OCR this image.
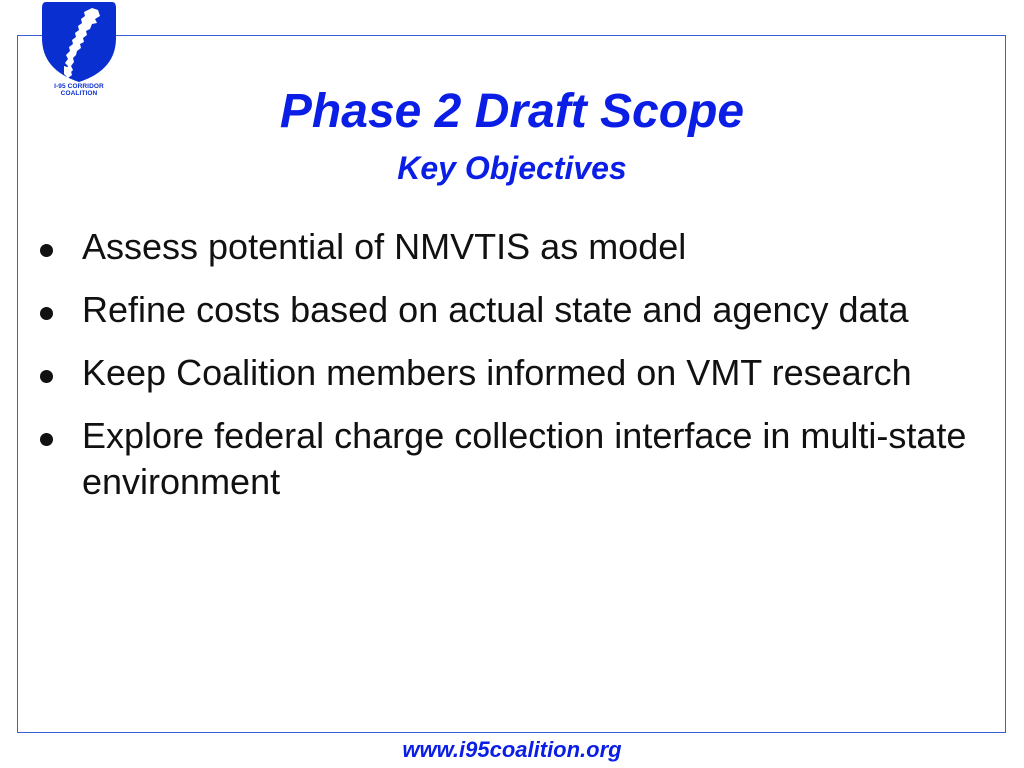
I-95 CORRIDOR
COALITION	Phase 2 Draft Scope
Key Objectives
Assess potential of NMVTIS as model
Refine costs based on actual state and agency data
Keep Coalition members informed on VMT research
Explore federal charge collection interface in multi-state environment
www.i95coalition.org
